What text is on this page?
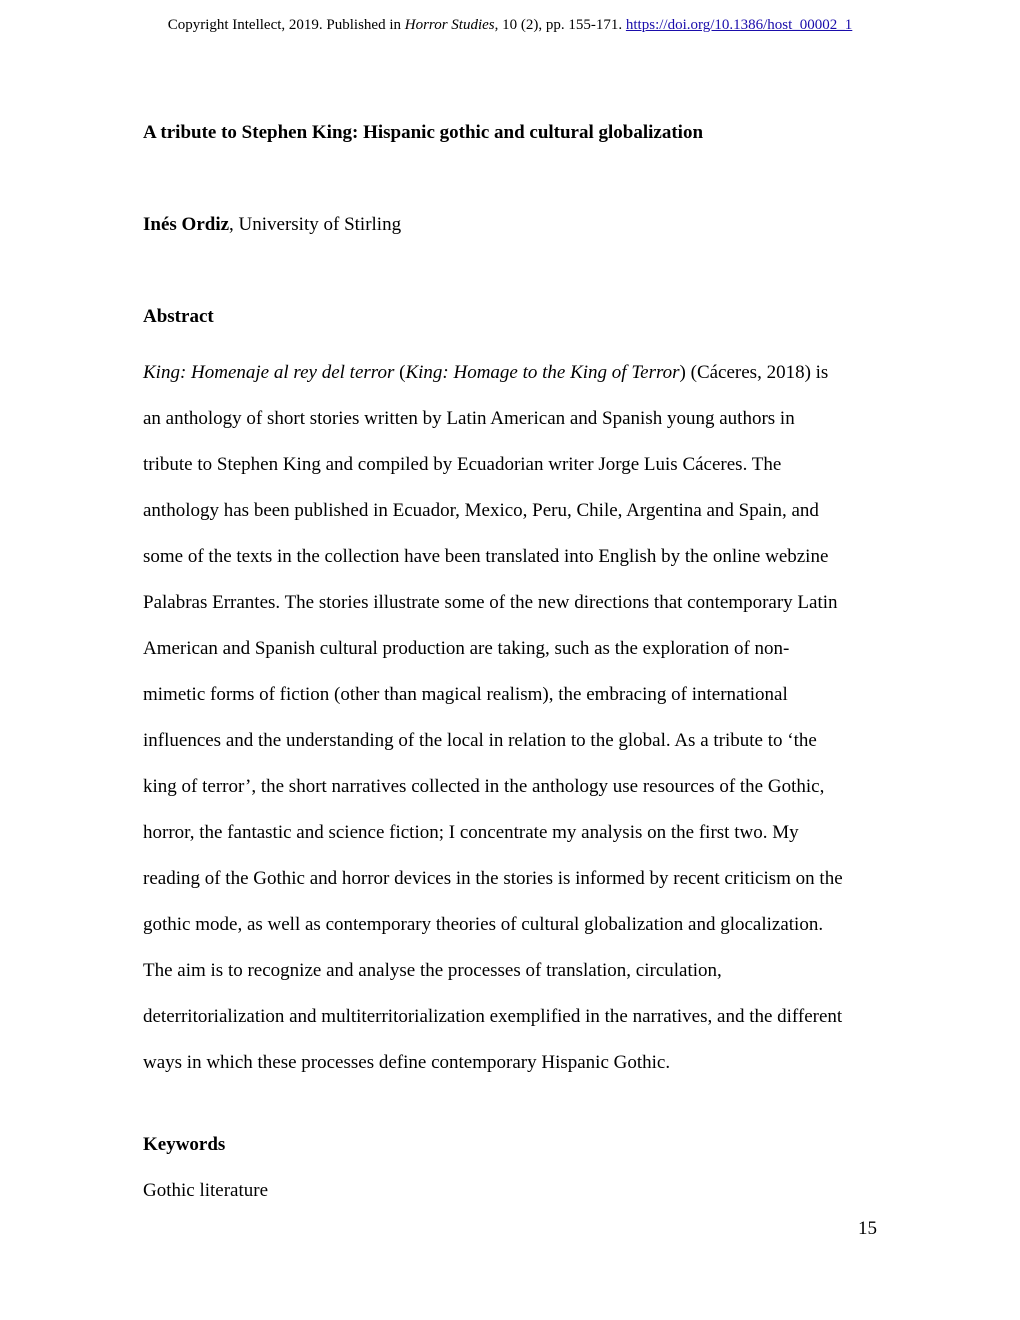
Copyright Intellect, 2019. Published in Horror Studies, 10 (2), pp. 155-171. https://doi.org/10.1386/host_00002_1
A tribute to Stephen King: Hispanic gothic and cultural globalization
Inés Ordiz, University of Stirling
Abstract
King: Homenaje al rey del terror (King: Homage to the King of Terror) (Cáceres, 2018) is
an anthology of short stories written by Latin American and Spanish young authors in
tribute to Stephen King and compiled by Ecuadorian writer Jorge Luis Cáceres. The
anthology has been published in Ecuador, Mexico, Peru, Chile, Argentina and Spain, and
some of the texts in the collection have been translated into English by the online webzine
Palabras Errantes. The stories illustrate some of the new directions that contemporary Latin
American and Spanish cultural production are taking, such as the exploration of non-
mimetic forms of fiction (other than magical realism), the embracing of international
influences and the understanding of the local in relation to the global. As a tribute to ‘the
king of terror’, the short narratives collected in the anthology use resources of the Gothic,
horror, the fantastic and science fiction; I concentrate my analysis on the first two. My
reading of the Gothic and horror devices in the stories is informed by recent criticism on the
gothic mode, as well as contemporary theories of cultural globalization and glocalization.
The aim is to recognize and analyse the processes of translation, circulation,
deterritorialization and multiterritorialization exemplified in the narratives, and the different
ways in which these processes define contemporary Hispanic Gothic.
Keywords
Gothic literature
15
